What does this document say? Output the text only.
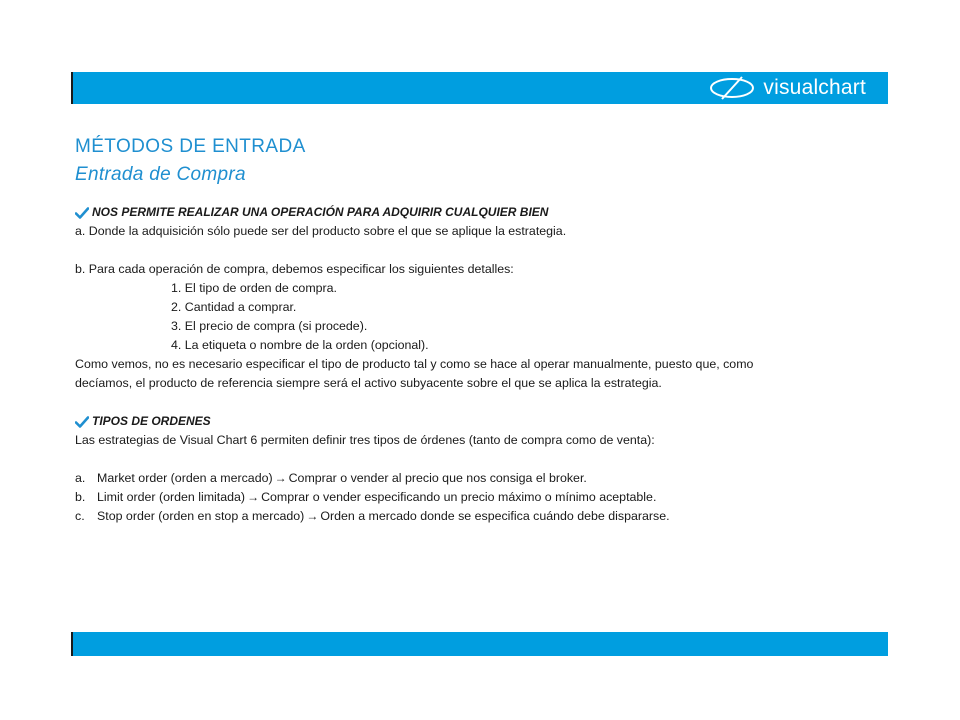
visualchart
MÉTODOS DE ENTRADA
Entrada de Compra
NOS PERMITE REALIZAR UNA OPERACIÓN PARA ADQUIRIR CUALQUIER BIEN
a. Donde la adquisición sólo puede ser del producto sobre el que se aplique la estrategia.
b. Para cada operación de compra, debemos especificar los siguientes detalles:
1. El tipo de orden de compra.
2. Cantidad a comprar.
3. El precio de compra (si procede).
4. La etiqueta o nombre de la orden (opcional).
Como vemos, no es necesario especificar el tipo de producto tal y como se hace al operar manualmente, puesto que, como
decíamos, el producto de referencia siempre será el activo subyacente sobre el que se aplica la estrategia.
TIPOS DE ORDENES
Las estrategias de Visual Chart 6 permiten definir tres tipos de órdenes (tanto de compra como de venta):
a. Market order (orden a mercado) → Comprar o vender al precio que nos consiga el broker.
b. Limit order (orden limitada) → Comprar o vender especificando un precio máximo o mínimo aceptable.
c. Stop order (orden en stop a mercado) → Orden a mercado donde se especifica cuándo debe dispararse.
